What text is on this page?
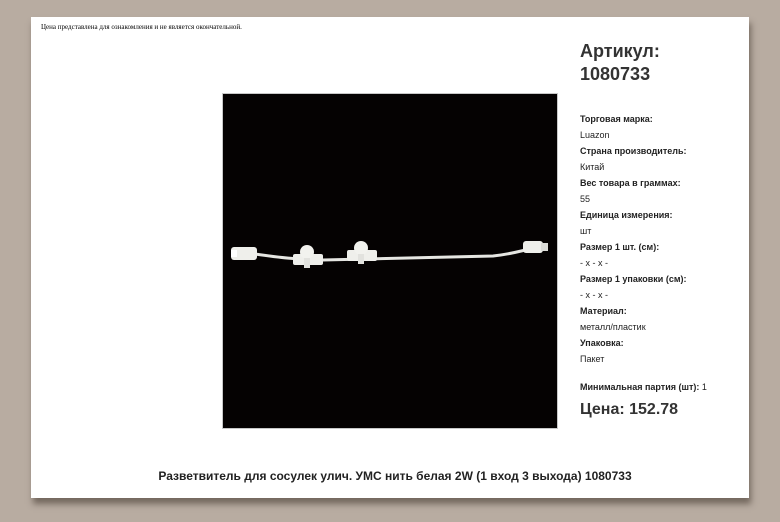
Цена представлена для ознакомления и не является окончательной.
Артикул:
1080733
Торговая марка:
Luazon
Страна производитель:
Китай
Вес товара в граммах:
55
Единица измерения:
шт
Размер 1 шт. (см):
- x - x -
Размер 1 упаковки (см):
- x - x -
Материал:
металл/пластик
Упаковка:
Пакет
Минимальная партия (шт): 1
Цена: 152.78
Разветвитель для сосулек улич. УМС нить белая 2W (1 вход 3 выхода) 1080733
